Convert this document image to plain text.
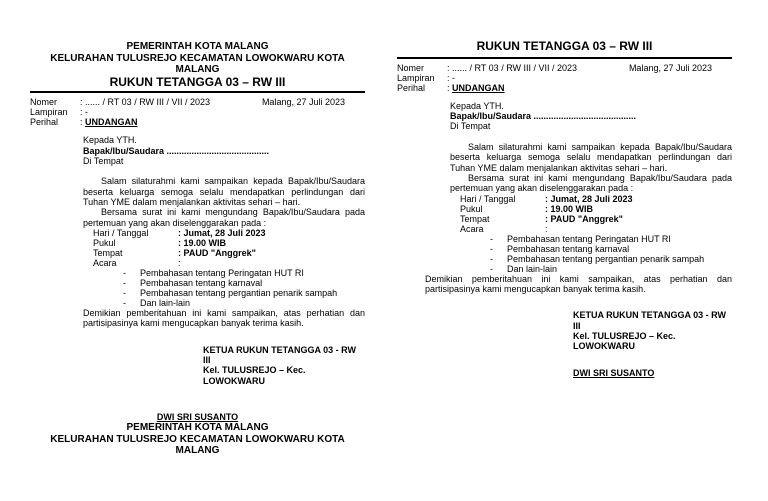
PEMERINTAH KOTA MALANG
KELURAHAN TULUSREJO KECAMATAN LOWOKWARU KOTA MALANG
RUKUN TETANGGA 03 – RW III
Nomer	: ...... / RT 03 / RW III / VII / 2023	Malang, 27 Juli 2023
Lampiran : -
Perihal : UNDANGAN
Kepada YTH.
Bapak/Ibu/Saudara .........................................
Di Tempat

Salam silaturahmi kami sampaikan kepada Bapak/Ibu/Saudara beserta keluarga semoga selalu mendapatkan perlindungan dari Tuhan YME dalam menjalankan aktivitas sehari – hari.

Bersama surat ini kami mengundang Bapak/Ibu/Saudara pada pertemuan yang akan diselenggarakan pada :

Hari / Tanggal	: Jumat, 28 Juli 2023
Pukul	: 19.00 WIB
Tempat	: PAUD "Anggrek"
Acara	:
- Pembahasan tentang Peringatan HUT RI
- Pembahasan tentang karnaval
- Pembahasan tentang pergantian penarik sampah
- Dan lain-lain

Demikian pemberitahuan ini kami sampaikan, atas perhatian dan partisipasinya kami mengucapkan banyak terima kasih.

KETUA RUKUN TETANGGA 03 - RW III
Kel. TULUSREJO – Kec. LOWOKWARU
DWI SRI SUSANTO
PEMERINTAH KOTA MALANG
KELURAHAN TULUSREJO KECAMATAN LOWOKWARU KOTA MALANG
RUKUN TETANGGA 03 – RW III
Nomer	: ...... / RT 03 / RW III / VII / 2023	Malang, 27 Juli 2023
Lampiran : -
Perihal : UNDANGAN
Kepada YTH.
Bapak/Ibu/Saudara .........................................
Di Tempat

Salam silaturahmi kami sampaikan kepada Bapak/Ibu/Saudara beserta keluarga semoga selalu mendapatkan perlindungan dari Tuhan YME dalam menjalankan aktivitas sehari – hari.

Bersama surat ini kami mengundang Bapak/Ibu/Saudara pada pertemuan yang akan diselenggarakan pada :

Hari / Tanggal	: Jumat, 28 Juli 2023
Pukul	: 19.00 WIB
Tempat	: PAUD "Anggrek"
Acara	:
- Pembahasan tentang Peringatan HUT RI
- Pembahasan tentang karnaval
- Pembahasan tentang pergantian penarik sampah
- Dan lain-lain

Demikian pemberitahuan ini kami sampaikan, atas perhatian dan partisipasinya kami mengucapkan banyak terima kasih.

KETUA RUKUN TETANGGA 03 - RW III
Kel. TULUSREJO – Kec. LOWOKWARU
DWI SRI SUSANTO
